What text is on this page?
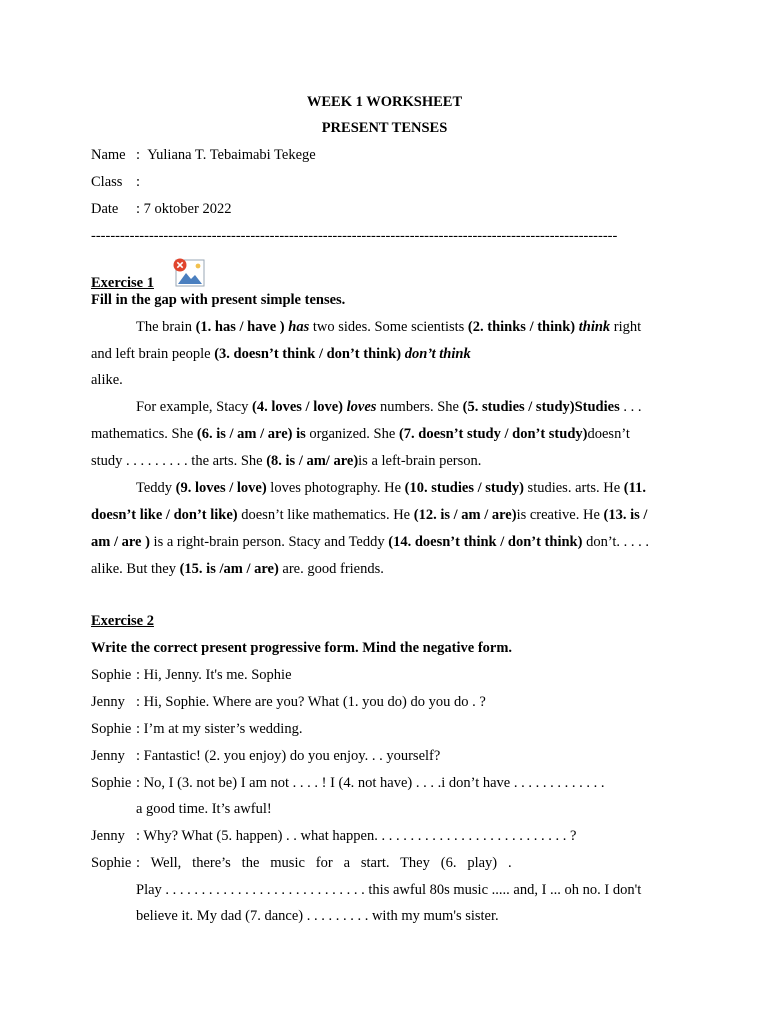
WEEK 1 WORKSHEET
PRESENT TENSES
Name : Yuliana T. Tebaimabi Tekege
Class :
Date : 7 oktober 2022
-------------------------------------------------------------------------------------------------------------
Exercise 1
Fill in the gap with present simple tenses.
The brain (1. has / have ) has two sides. Some scientists (2. thinks / think) think right
and left brain people (3. doesn’t think / don’t think) don’t think
alike.
For example, Stacy (4. loves / love) loves numbers. She (5. studies / study)Studies . . .
mathematics. She (6. is / am / are) is organized. She (7. doesn’t study / don’t study)doesn’t
study . . . . . . . . . the arts. She (8. is / am/ are)is a left-brain person.
Teddy (9. loves / love) loves photography. He (10. studies / study) studies. arts. He (11.
doesn’t like / don’t like) doesn’t like mathematics. He (12. is / am / are)is creative. He (13. is /
am / are ) is a right-brain person. Stacy and Teddy (14. doesn’t think / don’t think) don’t. . . . .
alike. But they (15. is /am / are) are. good friends.
Exercise 2
Write the correct present progressive form. Mind the negative form.
Sophie : Hi, Jenny. It's me. Sophie
Jenny : Hi, Sophie. Where are you? What (1. you do) do you do . ?
Sophie : I’m at my sister’s wedding.
Jenny : Fantastic! (2. you enjoy) do you enjoy. . . yourself?
Sophie : No, I (3. not be) I am not . . . . ! I (4. not have) . . . .i don’t have . . . . . . . . . . . . .
a good time. It’s awful!
Jenny : Why? What (5. happen) . . what happen. . . . . . . . . . . . . . . . . . . . . . . . . . . ?
Sophie :   Well,   there’s   the   music   for   a   start.   They   (6.   play)   .
Play . . . . . . . . . . . . . . . . . . . . . . . . . . . . this awful 80s music ..... and, I ... oh no. I don't
believe it. My dad (7. dance) . . . . . . . . . with my mum's sister.
